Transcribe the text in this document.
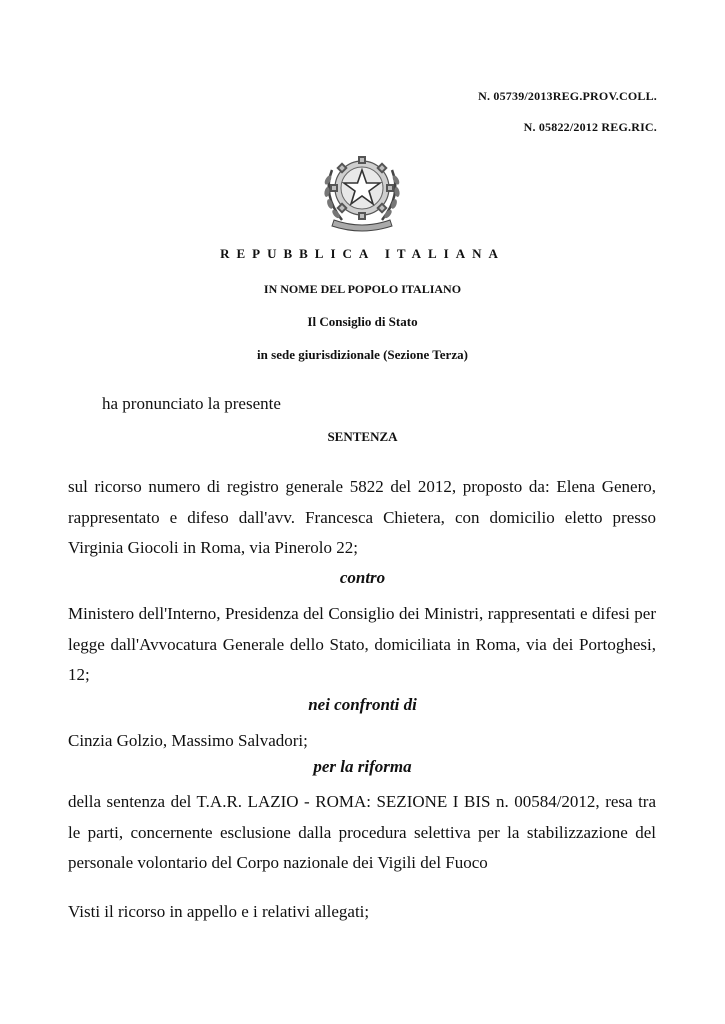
N. 05739/2013REG.PROV.COLL.
N. 05822/2012 REG.RIC.
REPUBBLICA ITALIANA
IN NOME DEL POPOLO ITALIANO
Il Consiglio di Stato
in sede giurisdizionale (Sezione Terza)
ha pronunciato la presente
SENTENZA
sul ricorso numero di registro generale 5822 del 2012, proposto da: Elena Genero, rappresentato e difeso dall'avv. Francesca Chietera, con domicilio eletto presso Virginia Giocoli in Roma, via Pinerolo 22;
contro
Ministero dell'Interno, Presidenza del Consiglio dei Ministri, rappresentati e difesi per legge dall'Avvocatura Generale dello Stato, domiciliata in Roma, via dei Portoghesi, 12;
nei confronti di
Cinzia Golzio, Massimo Salvadori;
per la riforma
della sentenza del T.A.R. LAZIO - ROMA: SEZIONE I BIS n. 00584/2012, resa tra le parti, concernente esclusione dalla procedura selettiva per la stabilizzazione del personale volontario del Corpo nazionale dei Vigili del Fuoco
Visti il ricorso in appello e i relativi allegati;
